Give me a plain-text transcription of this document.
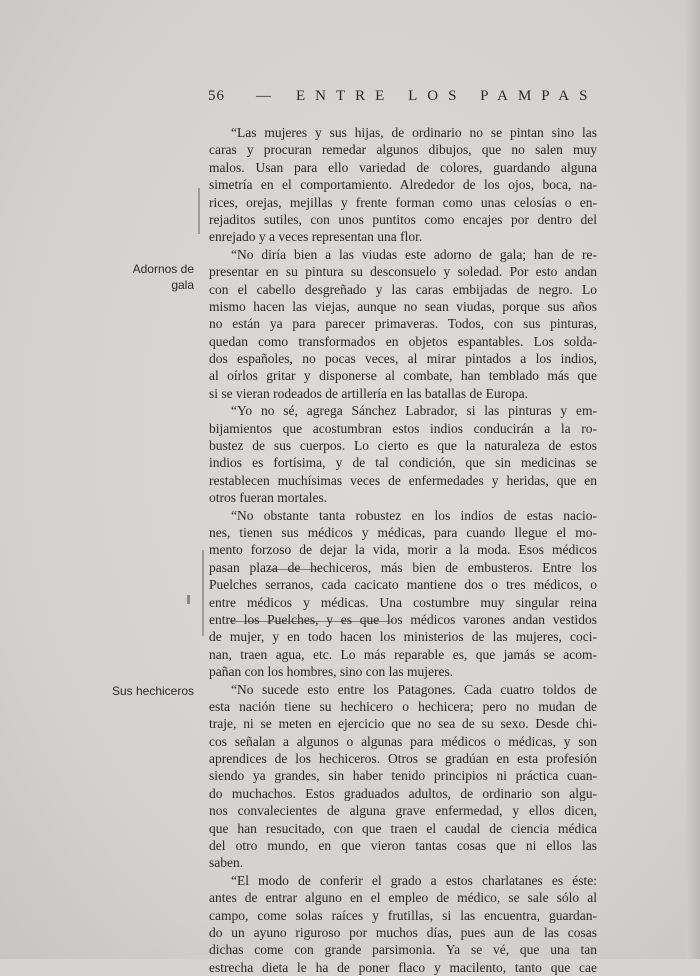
56 — ENTRE LOS PAMPAS
Adornos de gala
Sus hechiceros
“Las mujeres y sus hijas, de ordinario no se pintan sino las
caras y procuran remedar algunos dibujos, que no salen muy
malos. Usan para ello variedad de colores, guardando alguna
simetría en el comportamiento. Alrededor de los ojos, boca, na-
rices, orejas, mejillas y frente forman como unas celosías o en-
rejaditos sutiles, con unos puntitos como encajes por dentro del
enrejado y a veces representan una flor.
“No diría bien a las viudas este adorno de gala; han de re-
presentar en su pintura su desconsuelo y soledad. Por esto andan
con el cabello desgreñado y las caras embijadas de negro. Lo
mismo hacen las viejas, aunque no sean viudas, porque sus años
no están ya para parecer primaveras. Todos, con sus pinturas,
quedan como transformados en objetos espantables. Los solda-
dos españoles, no pocas veces, al mirar pintados a los indios,
al oírlos gritar y disponerse al combate, han temblado más que
si se vieran rodeados de artillería en las batallas de Europa.
“Yo no sé, agrega Sánchez Labrador, si las pinturas y em-
bijamientos que acostumbran estos indios conducirán a la ro-
bustez de sus cuerpos. Lo cierto es que la naturaleza de estos
indios es fortísima, y de tal condición, que sin medicinas se
restablecen muchísimas veces de enfermedades y heridas, que en
otros fueran mortales.
“No obstante tanta robustez en los indios de estas nacio-
nes, tienen sus médicos y médicas, para cuando llegue el mo-
mento forzoso de dejar la vida, morir a la moda. Esos médicos
pasan plaza de hechiceros, más bien de embusteros. Entre los
Puelches serranos, cada cacicato mantiene dos o tres médicos, o
entre médicos y médicas. Una costumbre muy singular reina
entre los Puelches, y es que los médicos varones andan vestidos
de mujer, y en todo hacen los ministerios de las mujeres, coci-
nan, traen agua, etc. Lo más reparable es, que jamás se acom-
pañan con los hombres, sino con las mujeres.
“No sucede esto entre los Patagones. Cada cuatro toldos de
esta nación tiene su hechicero o hechicera; pero no mudan de
traje, ni se meten en ejercicio que no sea de su sexo. Desde chi-
cos señalan a algunos o algunas para médicos o médicas, y son
aprendices de los hechiceros. Otros se gradúan en esta profesión
siendo ya grandes, sin haber tenido principios ni práctica cuan-
do muchachos. Estos graduados adultos, de ordinario son algu-
nos convalecientes de alguna grave enfermedad, y ellos dicen,
que han resucitado, con que traen el caudal de ciencia médica
del otro mundo, en que vieron tantas cosas que ni ellos las
saben.
“El modo de conferir el grado a estos charlatanes es éste:
antes de entrar alguno en el empleo de médico, se sale sólo al
campo, come solas raíces y frutillas, si las encuentra, guardan-
do un ayuno riguroso por muchos días, pues aun de las cosas
dichas come con grande parsimonia. Ya se vé, que una tan
estrecha dieta le ha de poner flaco y macilento, tanto que cae
